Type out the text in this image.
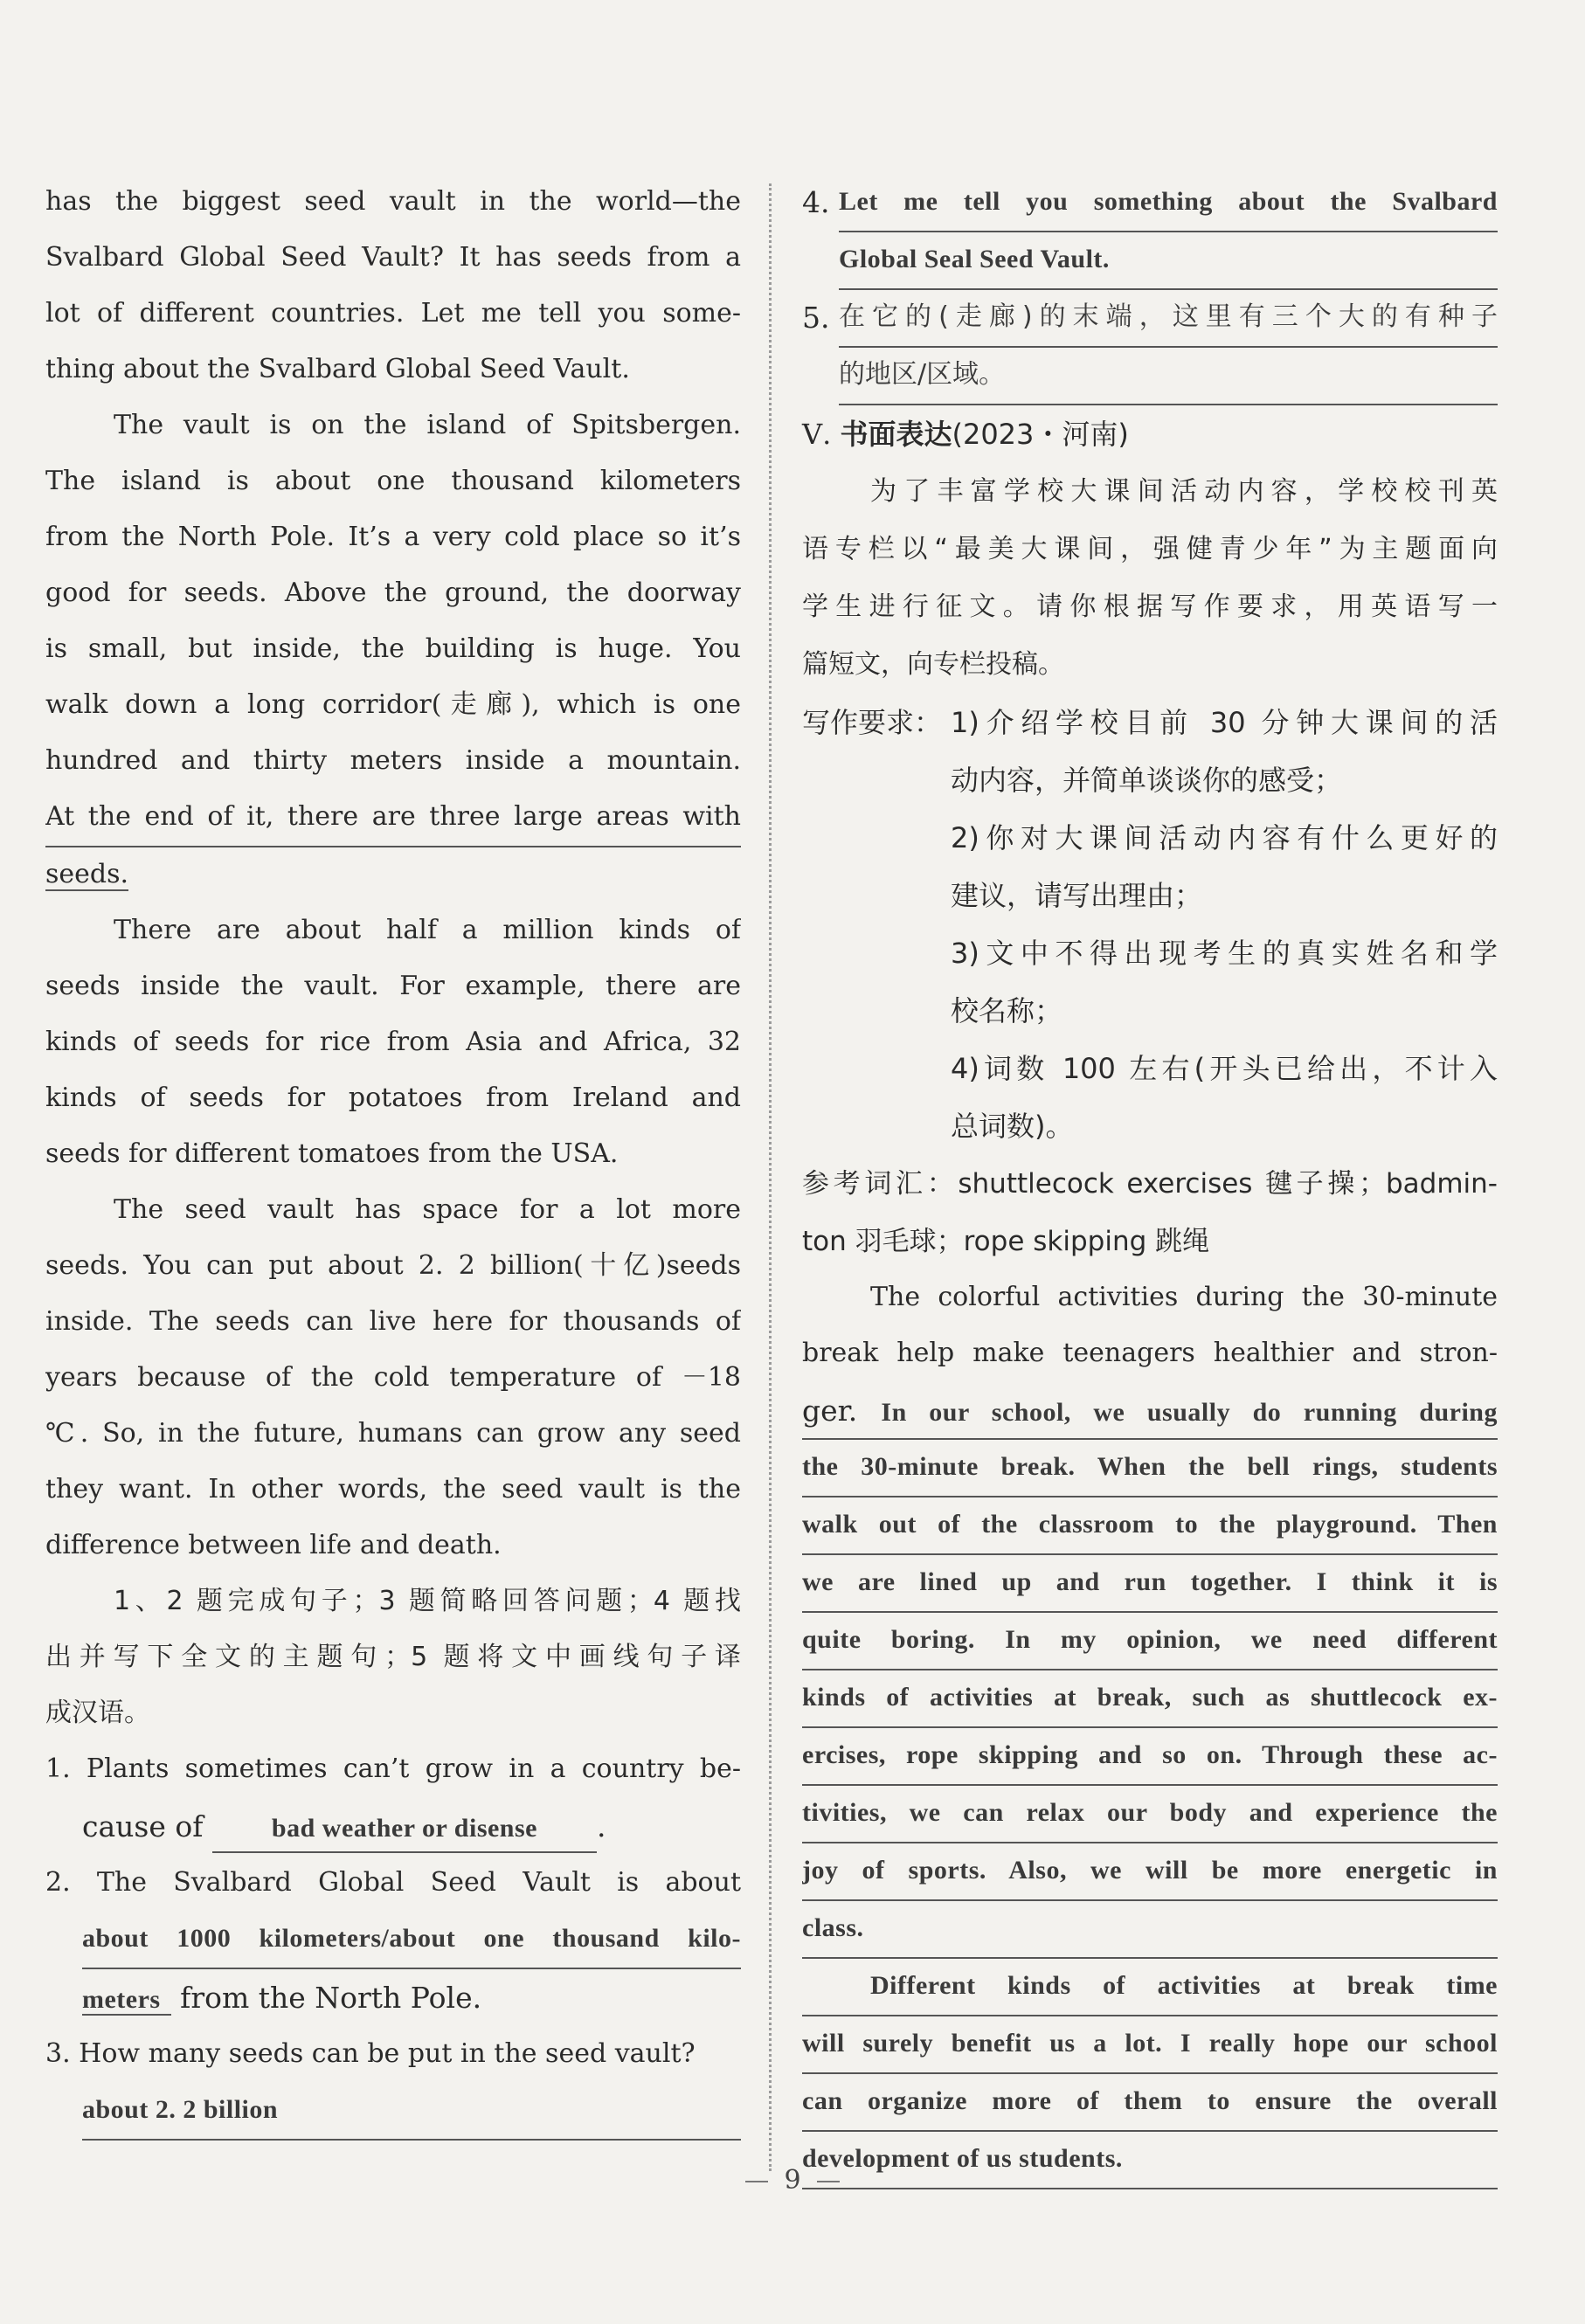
has the biggest seed vault in the world—the

Svalbard Global Seed Vault? It has seeds from a

lot of different countries. Let me tell you some-

thing about the Svalbard Global Seed Vault.

The vault is on the island of Spitsbergen.

The island is about one thousand kilometers

from the North Pole. It’s a very cold place so it’s

good for seeds. Above the ground, the doorway

is small, but inside, the building is huge. You

walk down a long corridor(走廊), which is one

hundred and thirty meters inside a mountain.

At the end of it, there are three large areas with

seeds.

There are about half a million kinds of

seeds inside the vault. For example, there are

kinds of seeds for rice from Asia and Africa, 32

kinds of seeds for potatoes from Ireland and

seeds for different tomatoes from the USA.

The seed vault has space for a lot more

seeds. You can put about 2. 2 billion(十亿)seeds

inside. The seeds can live here for thousands of

years because of the cold temperature of －18

℃. So, in the future, humans can grow any seed

they want. In other words, the seed vault is the

difference between life and death.

1、2 题完成句子；3 题简略回答问题；4 题找

出并写下全文的主题句；5 题将文中画线句子译

成汉语。

1. Plants sometimes can’t grow in a country be-

cause of	bad weather or disense .

2. The Svalbard Global Seed Vault is about

about 1000 kilometers/about one thousand kilo-

meters from the North Pole.

3. How many seeds can be put in the seed vault?

about 2. 2 billion

4. Let me tell you something about the Svalbard

Global Seal Seed Vault.

5. 在它的(走廊)的末端，这里有三个大的有种子

的地区/区域。

Ⅴ. 书面表达(2023・河南)

为了丰富学校大课间活动内容，学校校刊英

语专栏以“最美大课间，强健青少年”为主题面向

学生进行征文。请你根据写作要求，用英语写一

篇短文，向专栏投稿。

写作要求： 1)介绍学校目前 30 分钟大课间的活

动内容，并简单谈谈你的感受；

2)你对大课间活动内容有什么更好的

建议，请写出理由；

3)文中不得出现考生的真实姓名和学

校名称；

4)词数 100 左右(开头已给出，不计入

总词数)。

参考词汇：shuttlecock exercises 毽子操；badmin-

ton 羽毛球；rope skipping 跳绳

The colorful activities during the 30-minute

break help make teenagers healthier and stron-

ger. In our school, we usually do running during

the 30-minute break. When the bell rings, students

walk out of the classroom to the playground. Then

we are lined up and run together. I think it is

quite boring. In my opinion, we need different

kinds of activities at break, such as shuttlecock ex-

ercises, rope skipping and so on. Through these ac-

tivities, we can relax our body and experience the

joy of sports. Also, we will be more energetic in

class.

Different kinds of activities at break time

will surely benefit us a lot. I really hope our school

can organize more of them to ensure the overall

development of us students.

9
